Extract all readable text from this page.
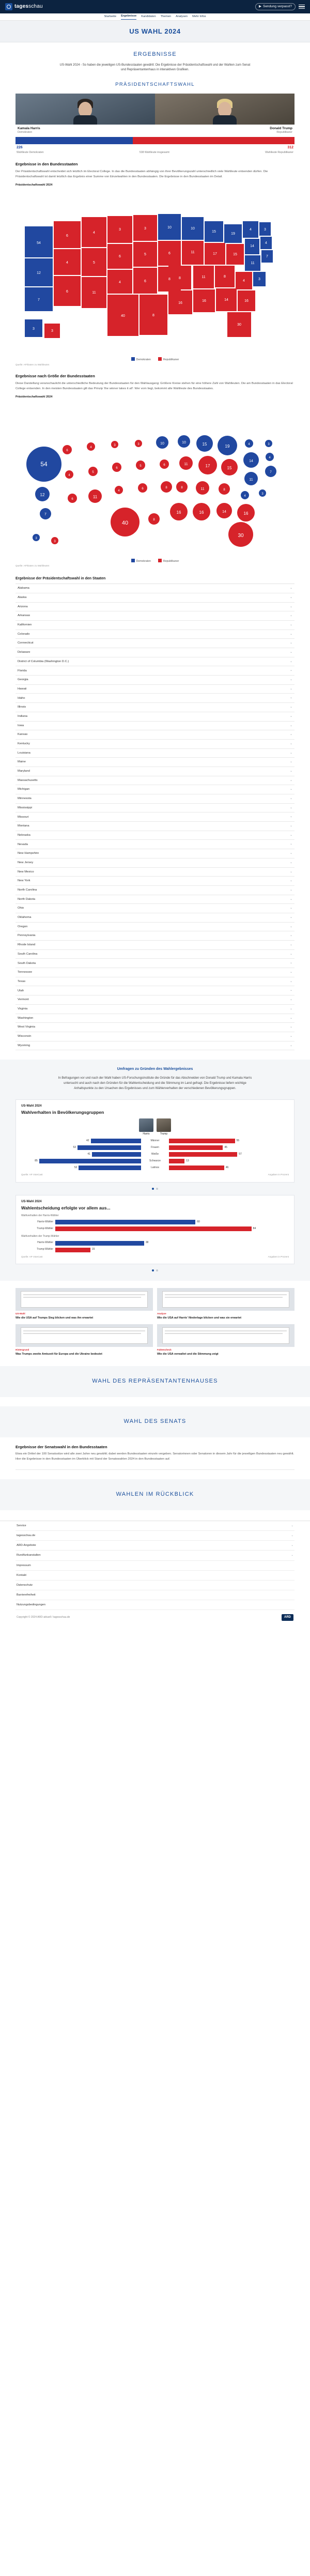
tagesschau	▶ Sendung verpasst?
Startseite Ergebnisse Kandidaten Themen Analysen Mehr Infos
US WAHL 2024
ERGEBNISSE
US-Wahl 2024 - So haben die jeweiligen US-Bundesstaaten gewählt: Die Ergebnisse der Präsidentschaftswahl und der Wahlen zum Senat und Repräsentantenhaus in interaktiven Grafiken.
PRÄSIDENTSCHAFTSWAHL
Kamala Harris
Demokraten
Donald Trump
Republikaner
226	312
Wahlleute Demokraten	538 Wahlleute insgesamt	Wahlleute Republikaner
Ergebnisse in den Bundesstaaten

Der Präsidentschaftswahl entscheidet sich letztlich im Electoral College. In das die Bundesstaaten abhängig von ihrer Bevölkerungszahl unterschiedlich viele Wahlleute entsenden dürfen. Die Präsidentschaftswahl ist damit letztlich das Ergebnis einer Summe von Einzelwahlen in den Bundesstaaten. Die Ergebnisse in den Bundesstaaten im Detail.

Präsidentschaftswahl 2024
54
12
7
6
4
6
4
5
11
3
6
4
40
3
5
6
10
6
8
8
10
11
8
16
15
17
11
16
19
15
8
14
4
14
11
4
16
30
3
4
7
3
3
3
Demokraten	Republikaner
Quelle: AP/Daten zu Wahlleuten
Ergebnisse nach Größe der Bundesstaaten

Diese Darstellung veranschaulicht die unterschiedliche Bedeutung der Bundesstaaten für den Wahlausgang: Größere Kreise stehen für eine höhere Zahl von Wahlleuten. Die am Bundesstaaten in das Electoral College entsenden. In den meisten Bundesstaaten gilt das Prinzip 'the winner takes it all': Wer vorn liegt, bekommt alle Wahlleute des Bundesstaates.

Präsidentschaftswahl 2024
54
12
7
6
4
6
4
5
11
3
6
4
40
3
5
6
10
6
8
8
10
11
8
16
15
17
11
16
19
15
8
14
4
14
11
4
16
30
3
4
7
3
3
3
Demokraten	Republikaner
Quelle: AP/Daten zu Wahlleuten
Ergebnisse der Präsidentschaftswahl in den Staaten
Alabama	⌄
Alaska	⌄
Arizona	⌄
Arkansas	⌄
Kalifornien	⌄
Colorado	⌄
Connecticut	⌄
Delaware	⌄
District of Columbia (Washington D.C.)	⌄
Florida	⌄
Georgia	⌄
Hawaii	⌄
Idaho	⌄
Illinois	⌄
Indiana	⌄
Iowa	⌄
Kansas	⌄
Kentucky	⌄
Louisiana	⌄
Maine	⌄
Maryland	⌄
Massachusetts	⌄
Michigan	⌄
Minnesota	⌄
Mississippi	⌄
Missouri	⌄
Montana	⌄
Nebraska	⌄
Nevada	⌄
New Hampshire	⌄
New Jersey	⌄
New Mexico	⌄
New York	⌄
North Carolina	⌄
North Dakota	⌄
Ohio	⌄
Oklahoma	⌄
Oregon	⌄
Pennsylvania	⌄
Rhode Island	⌄
South Carolina	⌄
South Dakota	⌄
Tennessee	⌄
Texas	⌄
Utah	⌄
Vermont	⌄
Virginia	⌄
Washington	⌄
West Virginia	⌄
Wisconsin	⌄
Wyoming	⌄
Umfragen zu Gründen des Wahlergebnisses
In Befragungen vor und nach der Wahl haben US-Forschungsinstitute die Gründe für das Abschneiden von Donald Trump und Kamala Harris untersucht und auch nach den Gründen für die Wahlentscheidung und die Stimmung im Land gefragt. Die Ergebnisse liefern wichtige Anhaltspunkte zu den Ursachen des Ergebnisses und zum Wählerverhalten der verschiedenen Bevölkerungsgruppen.
US-Wahl 2024
Wahlverhalten in Bevölkerungsgruppen
Harris	Trump
42	Männer	55
53	Frauen	45
41	Weiße	57
85	Schwarze	13
52	Latinos	46
Quelle: AP VoteCast	Angaben in Prozent
US-Wahl 2024
Wahlentscheidung erfolgte vor allem aus...
Wahlverhalten der Harris-Wähler
Harris-Wähler	60
Trump-Wähler	84
Wahlverhalten der Trump-Wähler
Harris-Wähler	38
Trump-Wähler	15
Quelle: AP VoteCast	Angaben in Prozent
US-Wahl
Wie die USA auf Trumps Sieg blicken und was ihn erwartet
Analyse
Wie die USA auf Harris' Niederlage blicken und was sie erwartet
Hintergrund
Was Trumps zweite Amtszeit für Europa und die Ukraine bedeutet
Faktencheck
Wie die USA verwaltet und die Stimmung zeigt
WAHL DES REPRÄSENTANTENHAUSES
WAHL DES SENATS
Ergebnisse der Senatswahl in den Bundesstaaten

Etwa ein Drittel der 100 Senatssitze wird alle zwei Jahre neu gewählt; dabei werden Bundesstaaten einzeln vergeben. Senatorinnen oder Senatoren in diesem Jahr für die jeweiligen Bundesstaaten neu gewählt. Hier die Ergebnisse in den Bundesstaaten im Überblick mit Stand der Senatswahlen 2024 in den Bundesstaaten auf.

WAHLEN IM RÜCKBLICK
Service	⌄
tagesschau.de	⌄
ARD-Angebote	⌄
Rundfunkanstalten	⌄
Impressum
Kontakt
Datenschutz
Barrierefreiheit
Nutzungsbedingungen
Copyright © 2024 ARD-aktuell / tagesschau.de	ARD
